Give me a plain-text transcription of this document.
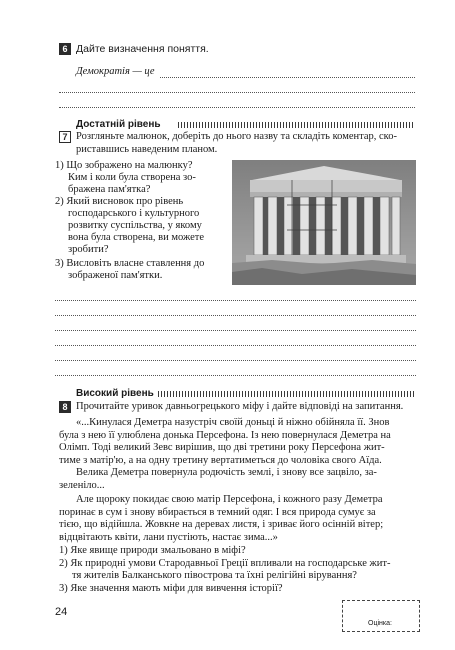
6 Дайте визначення поняття.
Демократія — це
Достатній рівень
7 Розгляньте малюнок, доберіть до нього назву та складіть коментар, ско-
риставшись наведеним планом.
1) Що зображено на малюнку?
Ким і коли була створена зо-
бражена пам'ятка?
2) Який висновок про рівень
господарського і культурного
розвитку суспільства, у якому
вона була створена, ви можете
зробити?
3) Висловіть власне ставлення до
зображеної пам'ятки.
Високий рівень
8 Прочитайте уривок давньогрецького міфу і дайте відповіді на запитання.
«...Кинулася Деметра назустріч своїй доньці й ніжно обійняла її. Знов
була з нею її улюблена донька Персефона. Із нею повернулася Деметра на
Олімп. Тоді великий Зевс вирішив, що дві третини року Персефона жит-
тиме з матір'ю, а на одну третину вертатиметься до чоловіка свого Аїда.
Велика Деметра повернула родючість землі, і знову все зацвіло, за-
зеленіло...
Але щороку покидає свою матір Персефона, і кожного разу Деметра
поринає в сум і знову вбирається в темний одяг. І вся природа сумує за
тією, що відійшла. Жовкне на деревах листя, і зриває його осінній вітер;
відцвітають квіти, лани пустіють, настає зима...»
1) Яке явище природи змальовано в міфі?
2) Як природні умови Стародавньої Греції впливали на господарське жит-
тя жителів Балканського півострова та їхні релігійні вірування?
3) Яке значення мають міфи для вивчення історії?
24
Оцінка:
